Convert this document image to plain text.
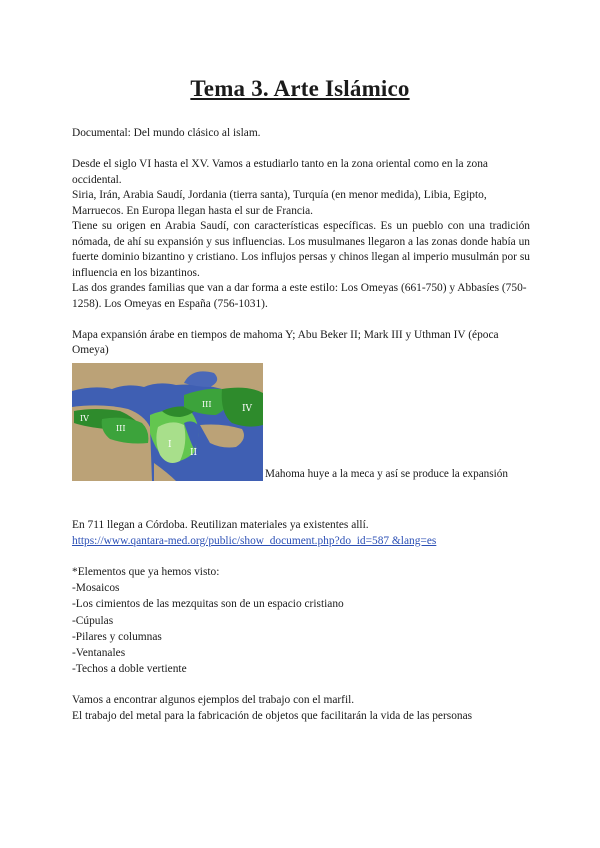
Tema 3. Arte Islámico

Documental: Del mundo clásico al islam.

Desde el siglo VI hasta el XV. Vamos a estudiarlo tanto en la zona oriental como en la zona occidental.

Siria, Irán, Arabia Saudí, Jordania (tierra santa), Turquía (en menor medida), Libia, Egipto, Marruecos. En Europa llegan hasta el sur de Francia.

Tiene su origen en Arabia Saudí, con características específicas. Es un pueblo con una tradición nómada, de ahí su expansión y sus influencias. Los musulmanes llegaron a las zonas donde había un fuerte dominio bizantino y cristiano. Los influjos persas y chinos llegan al imperio musulmán por su influencia en los bizantinos.

Las dos grandes familias que van a dar forma a este estilo: Los Omeyas (661-750) y Abbasíes (750-1258). Los Omeyas en España (756-1031).

Mapa expansión árabe en tiempos de mahoma Y; Abu Beker II; Mark III y Uthman IV (época Omeya)

I
II
III
III
IV
IV
Mahoma huye a la meca y así se produce la expansión

En 711 llegan a Córdoba. Reutilizan materiales ya existentes allí.

https://www.qantara-med.org/public/show_document.php?do_id=587 &lang=es

*Elementos que ya hemos visto:

-Mosaicos

-Los cimientos de las mezquitas son de un espacio cristiano

-Cúpulas

-Pilares y columnas

-Ventanales

-Techos a doble vertiente

Vamos a encontrar algunos ejemplos del trabajo con el marfil.

El trabajo del metal para la fabricación de objetos que facilitarán la vida de las personas
